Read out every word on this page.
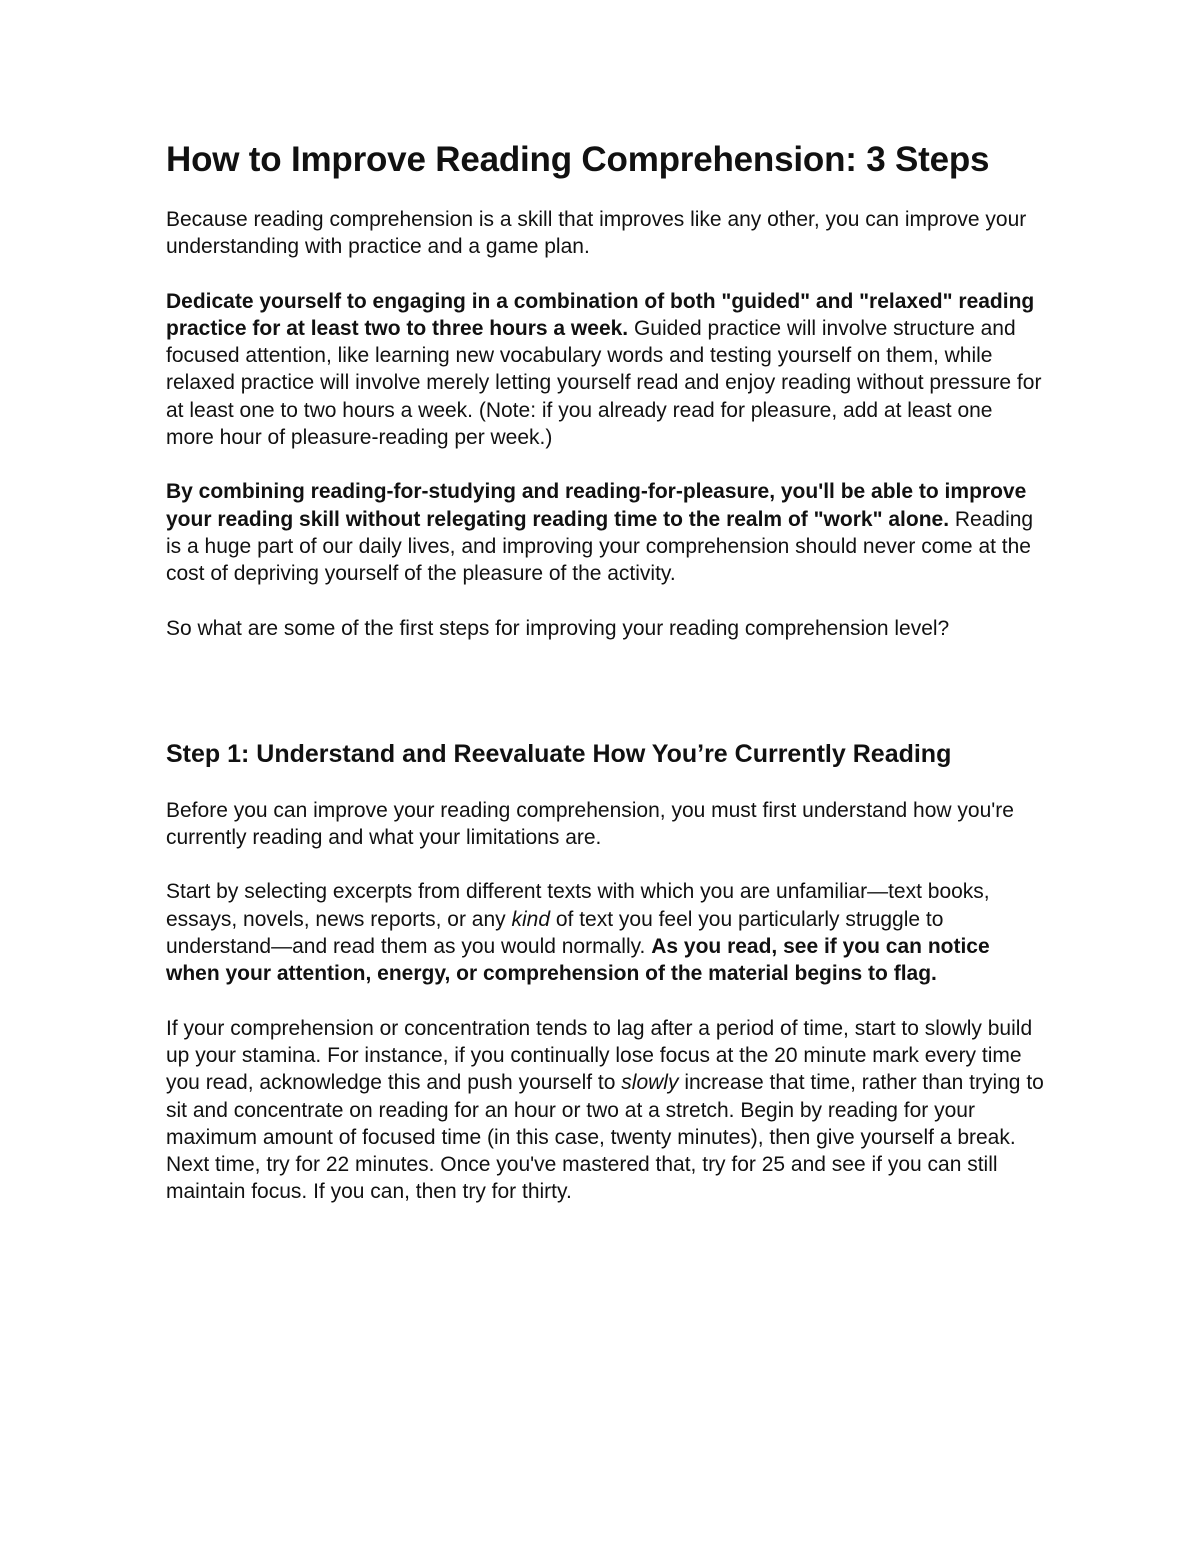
How to Improve Reading Comprehension: 3 Steps

Because reading comprehension is a skill that improves like any other, you can improve your understanding with practice and a game plan.

Dedicate yourself to engaging in a combination of both "guided" and "relaxed" reading practice for at least two to three hours a week. Guided practice will involve structure and focused attention, like learning new vocabulary words and testing yourself on them, while relaxed practice will involve merely letting yourself read and enjoy reading without pressure for at least one to two hours a week. (Note: if you already read for pleasure, add at least one more hour of pleasure-reading per week.)

By combining reading-for-studying and reading-for-pleasure, you'll be able to improve your reading skill without relegating reading time to the realm of "work" alone. Reading is a huge part of our daily lives, and improving your comprehension should never come at the cost of depriving yourself of the pleasure of the activity.

So what are some of the first steps for improving your reading comprehension level?

Step 1: Understand and Reevaluate How You’re Currently Reading

Before you can improve your reading comprehension, you must first understand how you're currently reading and what your limitations are.

Start by selecting excerpts from different texts with which you are unfamiliar—text books, essays, novels, news reports, or any kind of text you feel you particularly struggle to understand—and read them as you would normally. As you read, see if you can notice when your attention, energy, or comprehension of the material begins to flag.

If your comprehension or concentration tends to lag after a period of time, start to slowly build up your stamina. For instance, if you continually lose focus at the 20 minute mark every time you read, acknowledge this and push yourself to slowly increase that time, rather than trying to sit and concentrate on reading for an hour or two at a stretch. Begin by reading for your maximum amount of focused time (in this case, twenty minutes), then give yourself a break. Next time, try for 22 minutes. Once you've mastered that, try for 25 and see if you can still maintain focus. If you can, then try for thirty.
